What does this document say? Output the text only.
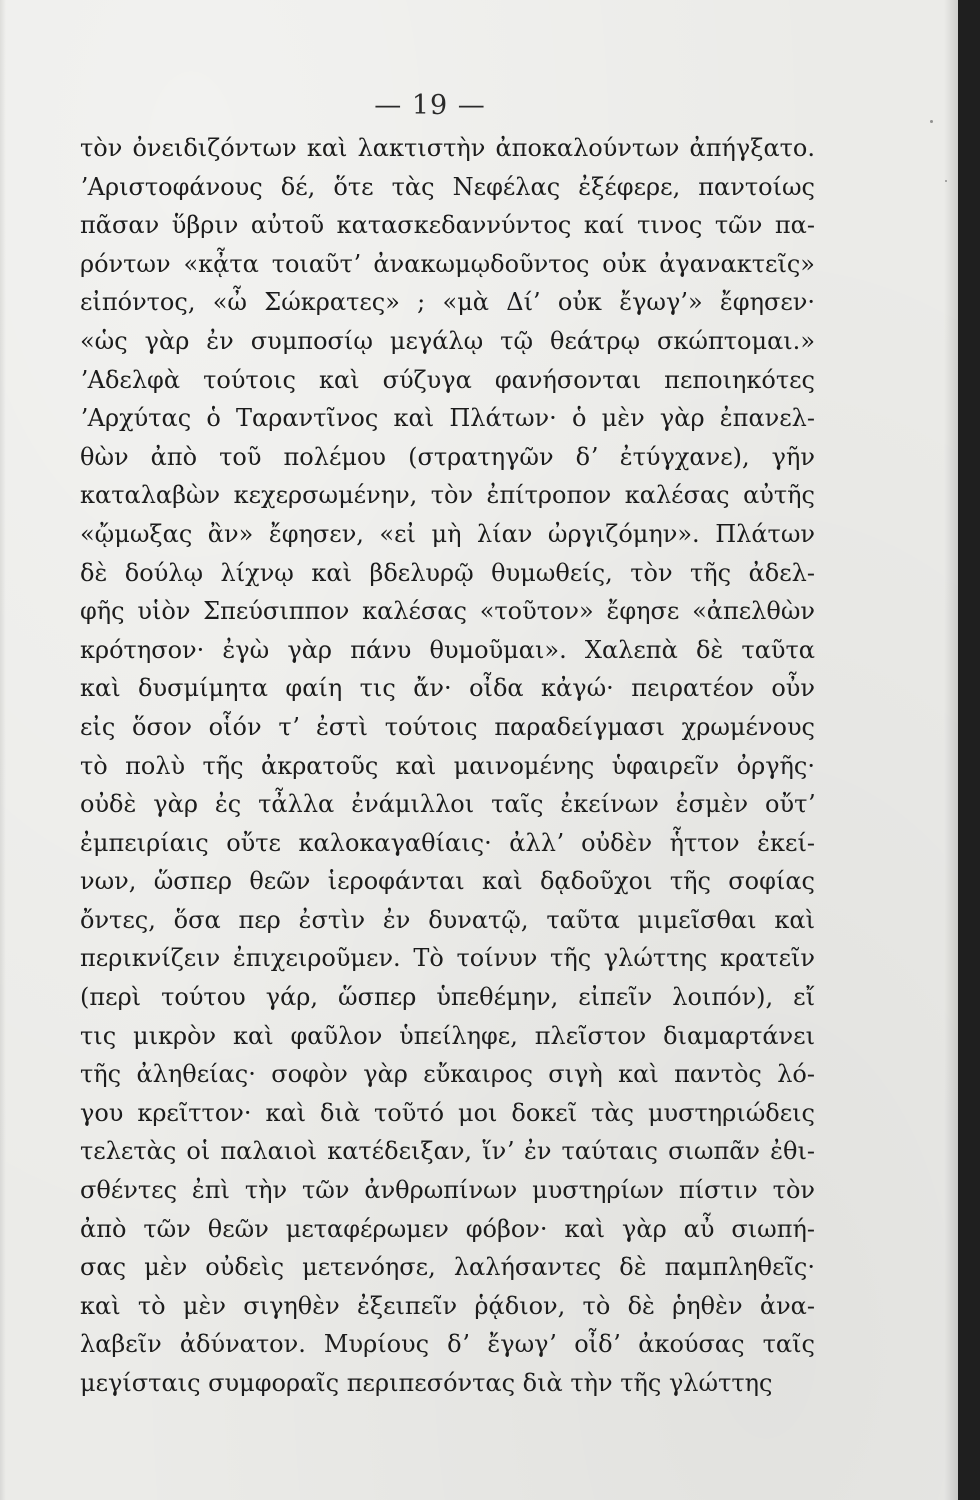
— 19 —
τὸν ὀνειδιζόντων καὶ λακτιστὴν ἀποκαλούντων ἀπήγξατο.
ʼΑριστοφάνους δέ, ὅτε τὰς Νεφέλας ἐξέφερε, παντοίως
πᾶσαν ὕβριν αὐτοῦ κατασκεδαννύντος καί τινος τῶν πα-
ρόντων «κᾆτα τοιαῦτʼ ἀνακωμῳδοῦντος οὐκ ἀγανακτεῖς»
εἰπόντος, «ὦ Σώκρατες» ; «μὰ Δί’ οὐκ ἔγωγ’» ἔφησεν·
«ὡς γὰρ ἐν συμποσίῳ μεγάλῳ τῷ θεάτρῳ σκώπτομαι.»
ʼΑδελφὰ τούτοις καὶ σύζυγα φανήσονται πεποιηκότες
ʼΑρχύτας ὁ Ταραντῖνος καὶ Πλάτων· ὁ μὲν γὰρ ἐπανελ-
θὼν ἀπὸ τοῦ πολέμου (στρατηγῶν δʼ ἐτύγχανε), γῆν
καταλαβὼν κεχερσωμένην, τὸν ἐπίτροπον καλέσας αὐτῆς
«ᾤμωξας ἂν» ἔφησεν, «εἰ μὴ λίαν ὠργιζόμην». Πλάτων
δὲ δούλῳ λίχνῳ καὶ βδελυρῷ θυμωθείς, τὸν τῆς ἀδελ-
φῆς υἱὸν Σπεύσιππον καλέσας «τοῦτον» ἔφησε «ἀπελθὼν
κρότησον· ἐγὼ γὰρ πάνυ θυμοῦμαι». Χαλεπὰ δὲ ταῦτα
καὶ δυσμίμητα φαίη τις ἄν· οἶδα κἀγώ· πειρατέον οὖν
εἰς ὅσον οἷόν τʼ ἐστὶ τούτοις παραδείγμασι χρωμένους
τὸ πολὺ τῆς ἀκρατοῦς καὶ μαινομένης ὑφαιρεῖν ὀργῆς·
οὐδὲ γὰρ ἐς τἆλλα ἐνάμιλλοι ταῖς ἐκείνων ἐσμὲν οὔτʼ
ἐμπειρίαις οὔτε καλοκαγαθίαις· ἀλλʼ οὐδὲν ἧττον ἐκεί-
νων, ὥσπερ θεῶν ἱεροφάνται καὶ δᾳδοῦχοι τῆς σοφίας
ὄντες, ὅσα περ ἐστὶν ἐν δυνατῷ, ταῦτα μιμεῖσθαι καὶ
περικνίζειν ἐπιχειροῦμεν. Τὸ τοίνυν τῆς γλώττης κρατεῖν
(περὶ τούτου γάρ, ὥσπερ ὑπεθέμην, εἰπεῖν λοιπόν), εἴ
τις μικρὸν καὶ φαῦλον ὑπείληφε, πλεῖστον διαμαρτάνει
τῆς ἀληθείας· σοφὸν γὰρ εὔκαιρος σιγὴ καὶ παντὸς λό-
γου κρεῖττον· καὶ διὰ τοῦτό μοι δοκεῖ τὰς μυστηριώδεις
τελετὰς οἱ παλαιοὶ κατέδειξαν, ἵνʼ ἐν ταύταις σιωπᾶν ἐθι-
σθέντες ἐπὶ τὴν τῶν ἀνθρωπίνων μυστηρίων πίστιν τὸν
ἀπὸ τῶν θεῶν μεταφέρωμεν φόβον· καὶ γὰρ αὖ σιωπή-
σας μὲν οὐδεὶς μετενόησε, λαλήσαντες δὲ παμπληθεῖς·
καὶ τὸ μὲν σιγηθὲν ἐξειπεῖν ῥᾴδιον, τὸ δὲ ῥηθὲν ἀνα-
λαβεῖν ἀδύνατον. Μυρίους δʼ ἔγωγʼ οἶδʼ ἀκούσας ταῖς
μεγίσταις συμφοραῖς περιπεσόντας διὰ τὴν τῆς γλώττης
